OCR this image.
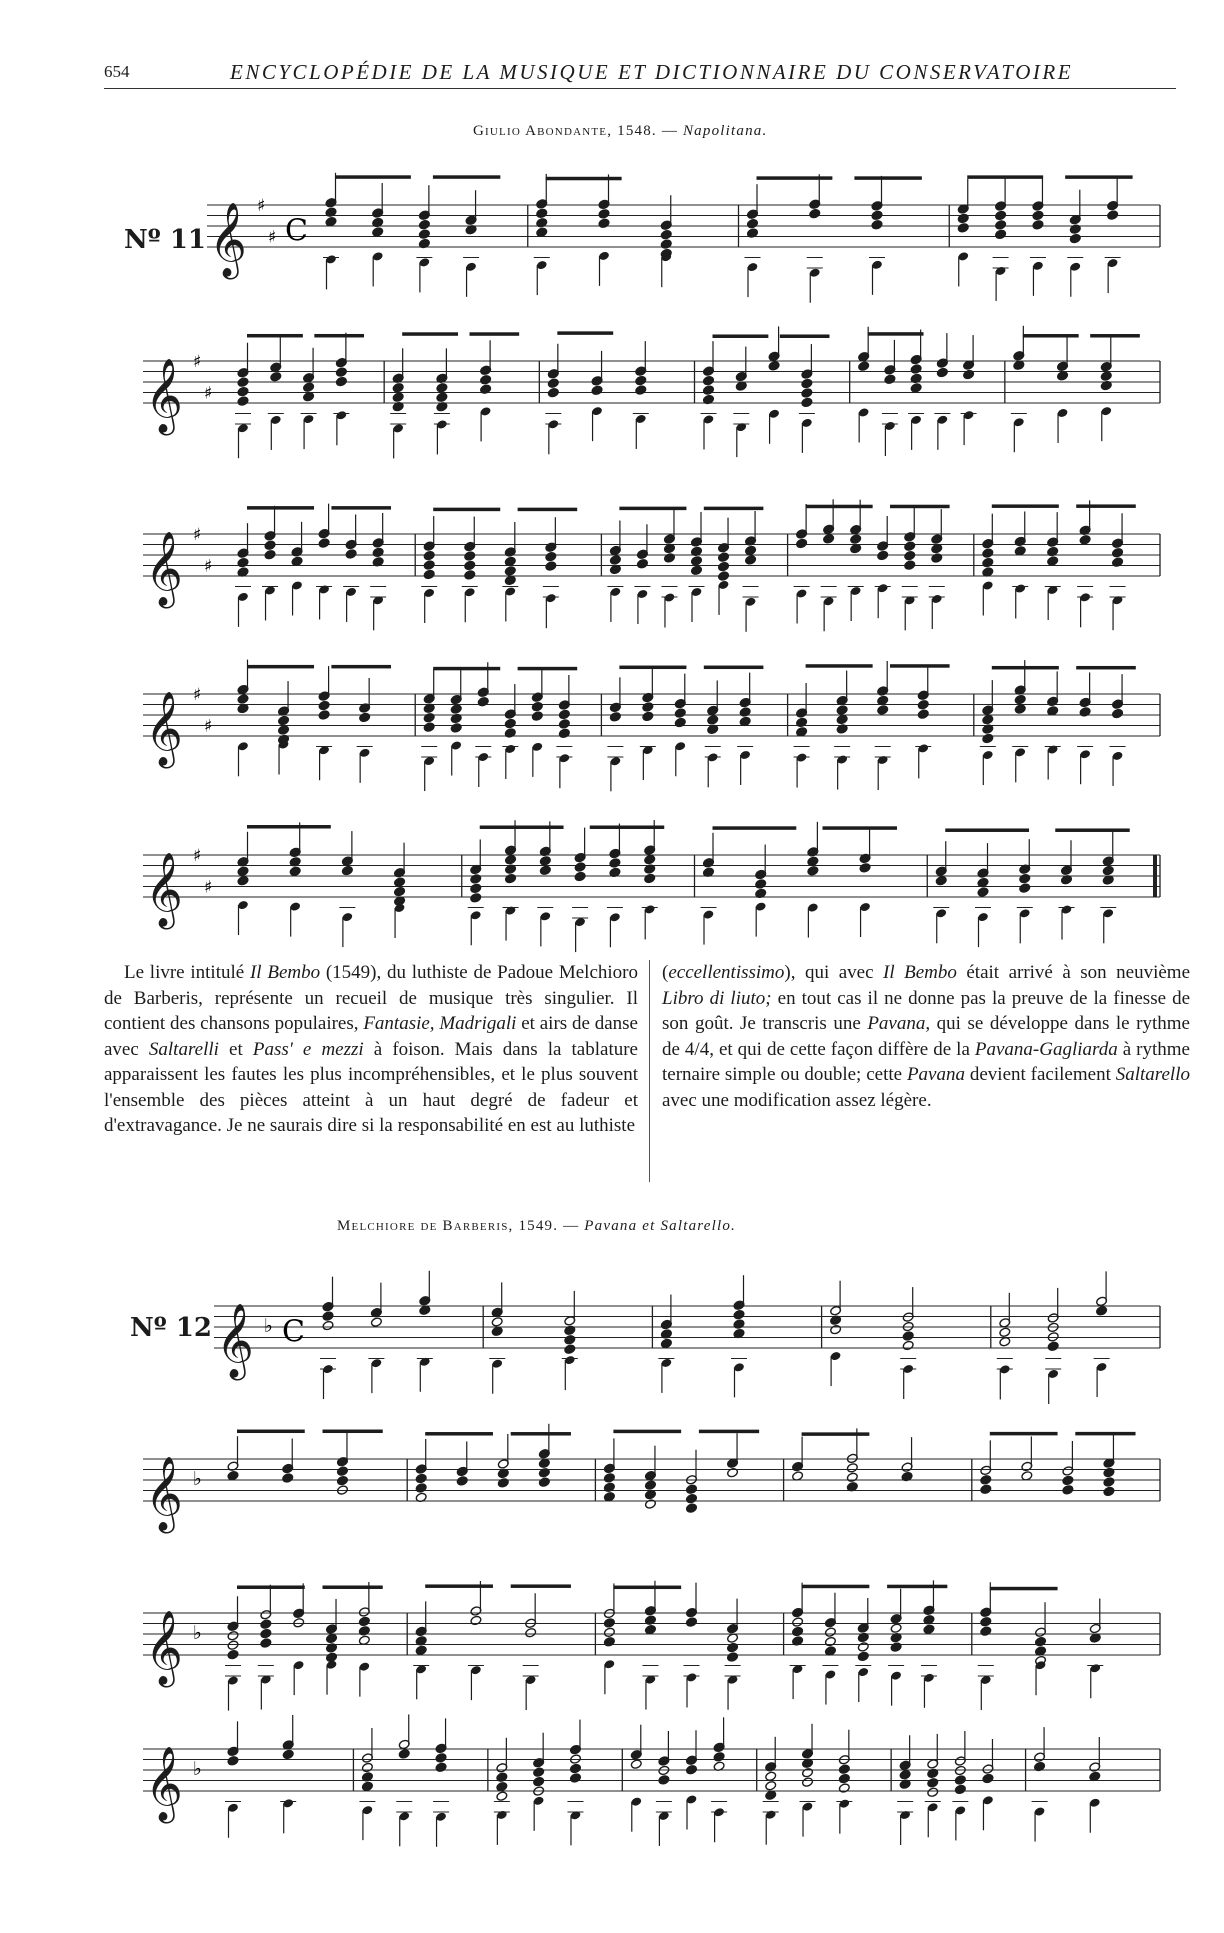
654	ENCYCLOPÉDIE DE LA MUSIQUE ET DICTIONNAIRE DU CONSERVATOIRE
Giulio Abondante, 1548. — Napolitana.
Nº 11
Melchiore de Barberis, 1549. — Pavana et Saltarello.
Nº 12
𝄞 ♯
♯ C
𝄞 ♯
♯
𝄞 ♯
♯
𝄞 ♯
♯
𝄞 ♯
♯
𝄞 ♭ C
𝄞 ♭
𝄞 ♭
𝄞 ♭

Le livre intitulé Il Bembo (1549), du luthiste de Padoue Melchioro de Barberis, représente un recueil de musique très singulier. Il contient des chansons populaires, Fantasie, Madrigali et airs de danse avec Saltarelli et Pass' e mezzi à foison. Mais dans la tablature apparaissent les fautes les plus incompréhensibles, et le plus souvent l'ensemble des pièces atteint à un haut degré de fadeur et d'extravagance. Je ne saurais dire si la responsabilité en est au luthiste

(eccellentissimo), qui avec Il Bembo était arrivé à son neuvième Libro di liuto; en tout cas il ne donne pas la preuve de la finesse de son goût. Je transcris une Pavana, qui se développe dans le rythme de 4/4, et qui de cette façon diffère de la Pavana-Gagliarda à rythme ternaire simple ou double; cette Pavana devient facilement Saltarello avec une modification assez légère.
